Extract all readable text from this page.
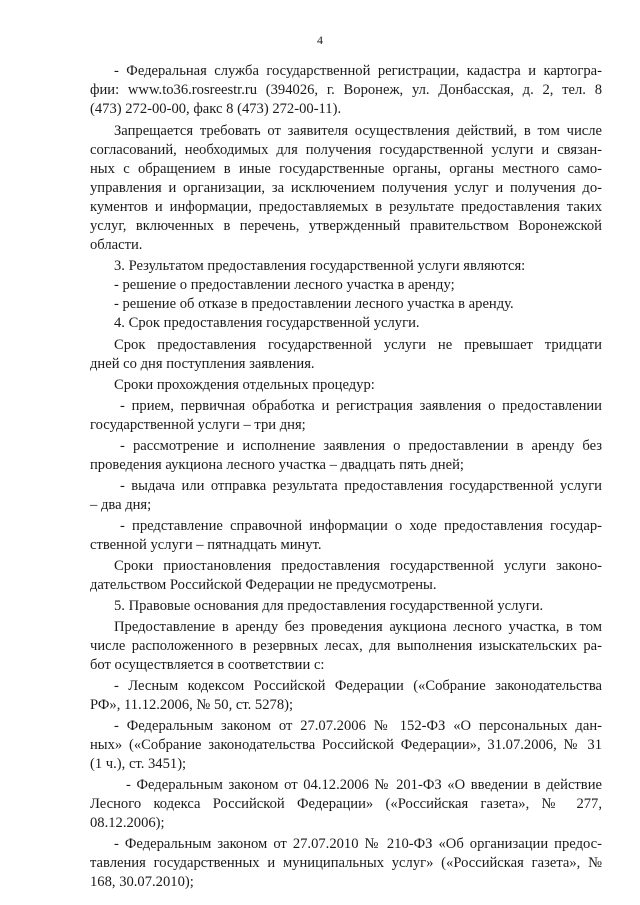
4
- Федеральная служба государственной регистрации, кадастра и картогра-
фии: www.to36.rosreestr.ru (394026, г. Воронеж, ул. Донбасская, д. 2, тел. 8
(473) 272-00-00, факс 8 (473) 272-00-11).
Запрещается требовать от заявителя осуществления действий, в том числе
согласований, необходимых для получения государственной услуги и связан-
ных с обращением в иные государственные органы, органы местного само-
управления и организации, за исключением получения услуг и получения до-
кументов и информации, предоставляемых в результате предоставления таких
услуг, включенных в перечень, утвержденный правительством Воронежской
области.
3. Результатом предоставления государственной услуги являются:
- решение о предоставлении лесного участка в аренду;
- решение об отказе в предоставлении лесного участка в аренду.
4. Срок предоставления государственной услуги.
Срок предоставления государственной услуги не превышает тридцати
дней со дня поступления заявления.
Сроки прохождения отдельных процедур:
- прием, первичная обработка и регистрация заявления о предоставлении
государственной услуги – три дня;
- рассмотрение и исполнение заявления о предоставлении в аренду без
проведения аукциона лесного участка – двадцать пять дней;
- выдача или отправка результата предоставления государственной услуги
– два дня;
- представление справочной информации о ходе предоставления государ-
ственной услуги – пятнадцать минут.
Сроки приостановления предоставления государственной услуги законо-
дательством Российской Федерации не предусмотрены.
5. Правовые основания для предоставления государственной услуги.
Предоставление в аренду без проведения аукциона лесного участка, в том
числе расположенного в резервных лесах, для выполнения изыскательских ра-
бот осуществляется в соответствии с:
- Лесным кодексом Российской Федерации («Собрание законодательства
РФ», 11.12.2006, № 50, ст. 5278);
- Федеральным законом от 27.07.2006 № 152-ФЗ «О персональных дан-
ных» («Собрание законодательства Российской Федерации», 31.07.2006, № 31
(1 ч.), ст. 3451);
- Федеральным законом от 04.12.2006 № 201-ФЗ «О введении в действие
Лесного кодекса Российской Федерации» («Российская газета», № 277,
08.12.2006);
- Федеральным законом от 27.07.2010 № 210-ФЗ «Об организации предос-
тавления государственных и муниципальных услуг» («Российская газета», №
168, 30.07.2010);
